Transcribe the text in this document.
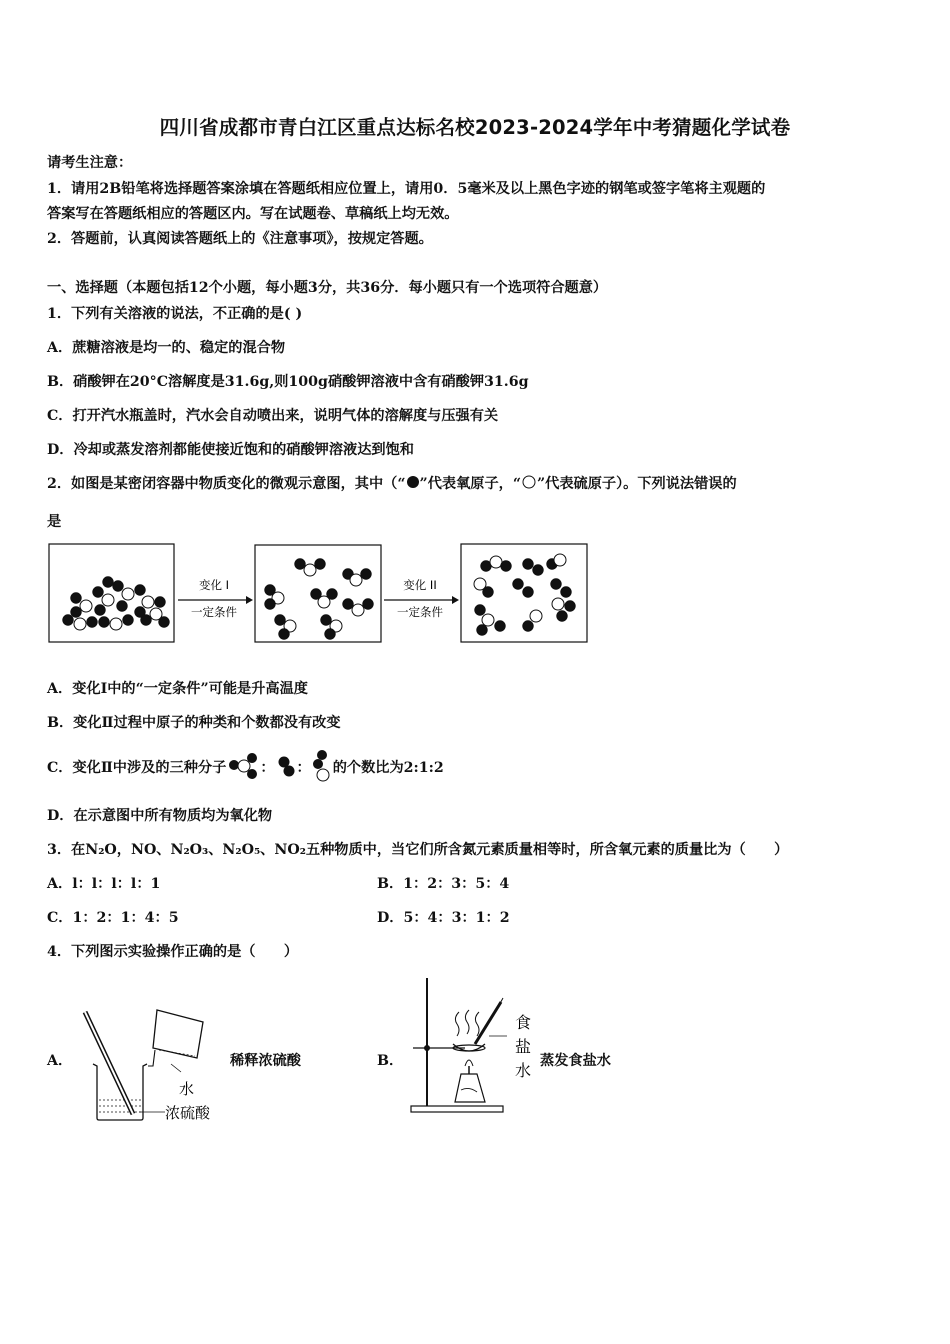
四川省成都市青白江区重点达标名校2023-2024学年中考猜题化学试卷
请考生注意：
1．请用2B铅笔将选择题答案涂填在答题纸相应位置上，请用0．5毫米及以上黑色字迹的钢笔或签字笔将主观题的
答案写在答题纸相应的答题区内。写在试题卷、草稿纸上均无效。
2．答题前，认真阅读答题纸上的《注意事项》，按规定答题。
一、选择题（本题包括12个小题，每小题3分，共36分．每小题只有一个选项符合题意）
1．下列有关溶液的说法，不正确的是( )
A．蔗糖溶液是均一的、稳定的混合物
B．硝酸钾在20°C溶解度是31.6g,则100g硝酸钾溶液中含有硝酸钾31.6g
C．打开汽水瓶盖时，汽水会自动喷出来，说明气体的溶解度与压强有关
D．冷却或蒸发溶剂都能使接近饱和的硝酸钾溶液达到饱和
2．如图是某密闭容器中物质变化的微观示意图，其中（“ ”代表氧原子，“ ”代表硫原子）。下列说法错误的
是
变化 I
一定条件
变化 II
一定条件
A．变化I中的“一定条件”可能是升高温度
B．变化Ⅱ过程中原子的种类和个数都没有改变
C．变化Ⅱ中涉及的三种分子 ： ： 的个数比为2:1:2
D．在示意图中所有物质均为氧化物
3．在N₂O，NO、N₂O₃、N₂O₅、NO₂五种物质中，当它们所含氮元素质量相等时，所含氧元素的质量比为（　　）
A．l：l：l：l：1	B．1：2：3：5：4
C．1：2：1：4：5	D．5：4：3：1：2
4．下列图示实验操作正确的是（　　）
A．
水
浓硫酸
稀释浓硫酸	B．
食
盐
水 蒸发食盐水
